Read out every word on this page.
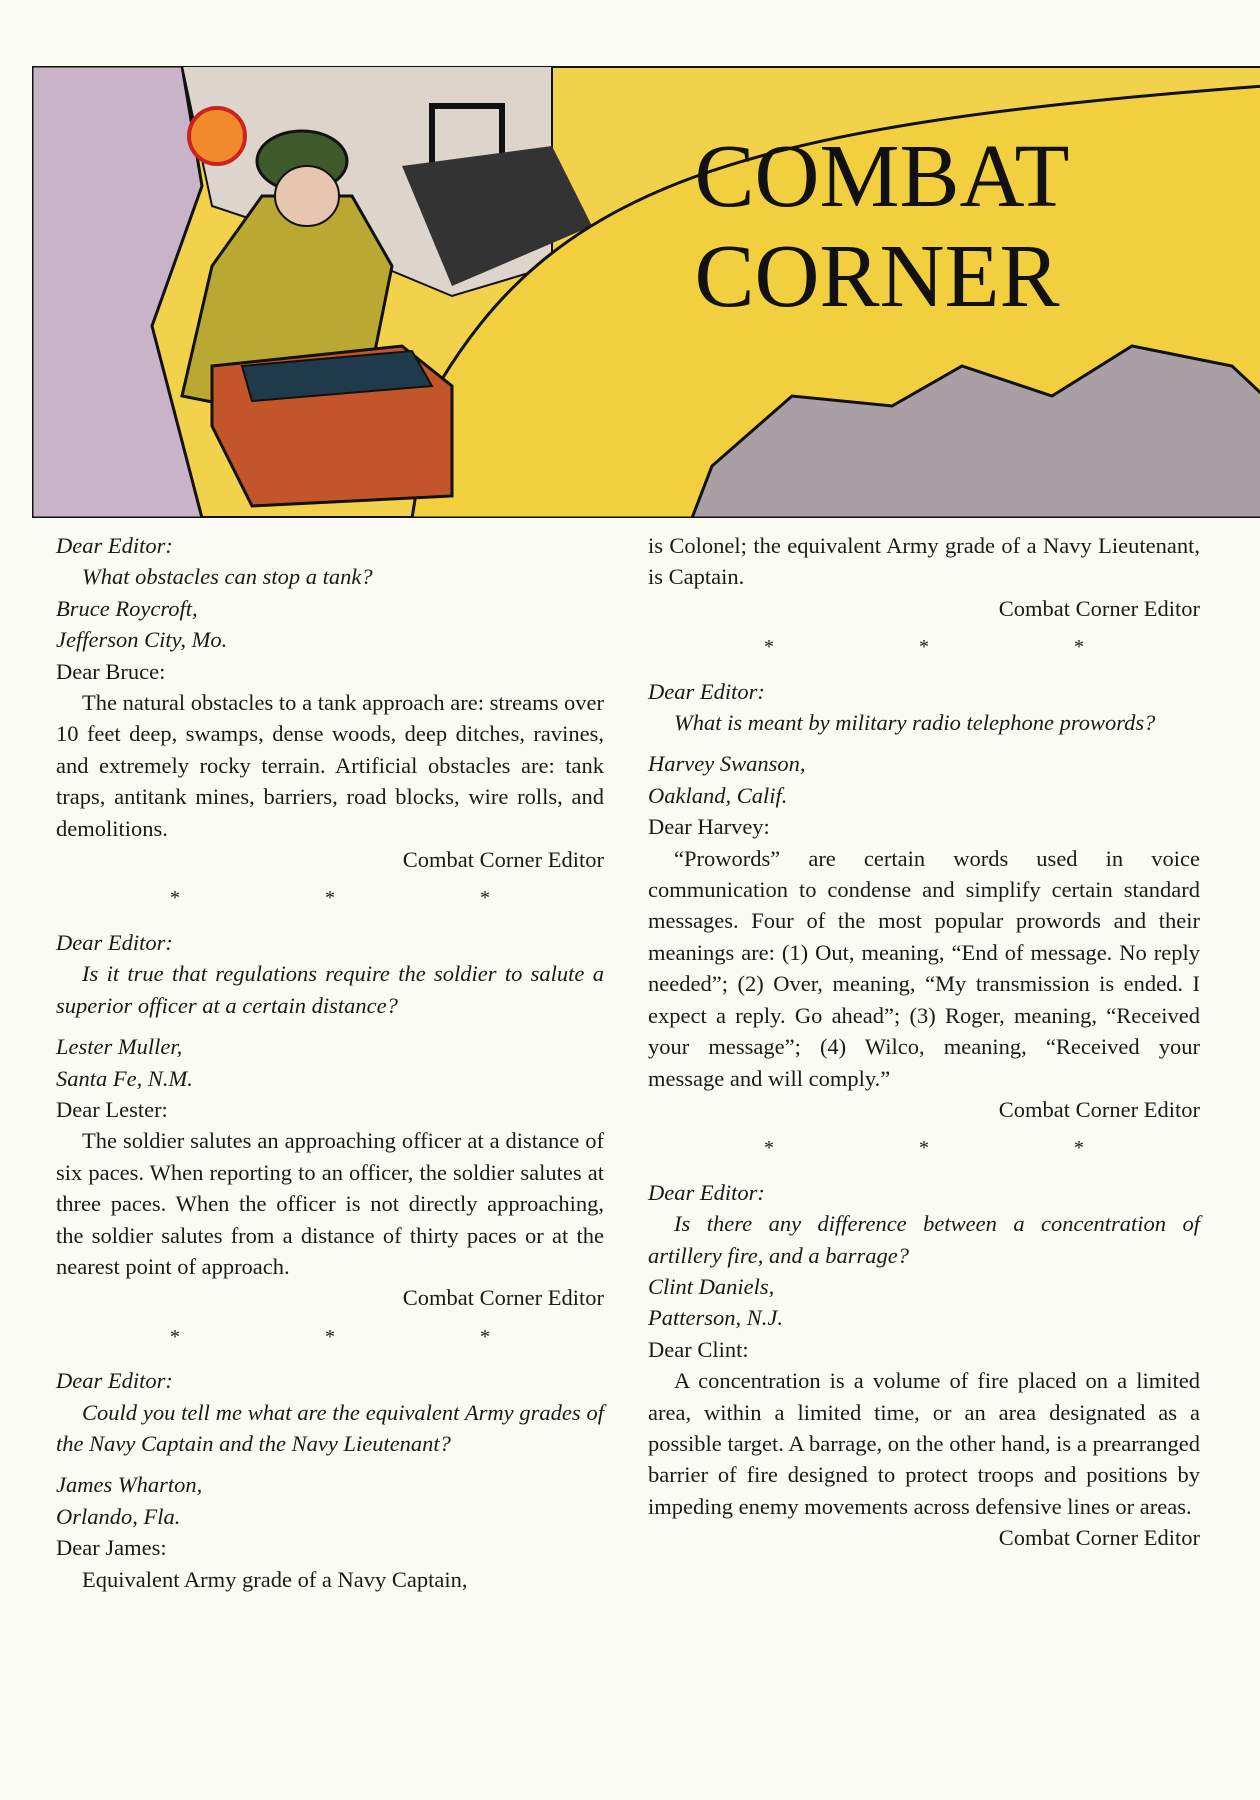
COMBAT
CORNER

Dear Editor:

What obstacles can stop a tank?

Bruce Roycroft,

Jefferson City, Mo.

Dear Bruce:

The natural obstacles to a tank approach are: streams over 10 feet deep, swamps, dense woods, deep ditches, ravines, and extremely rocky terrain. Artificial obstacles are: tank traps, antitank mines, barriers, road blocks, wire rolls, and demolitions.

Combat Corner Editor

* * *

Dear Editor:

Is it true that regulations require the soldier to salute a superior officer at a certain distance?

Lester Muller,

Santa Fe, N.M.

Dear Lester:

The soldier salutes an approaching officer at a distance of six paces. When reporting to an officer, the soldier salutes at three paces. When the officer is not directly approaching, the soldier salutes from a distance of thirty paces or at the nearest point of approach.

Combat Corner Editor

* * *

Dear Editor:

Could you tell me what are the equivalent Army grades of the Navy Captain and the Navy Lieutenant?

James Wharton,

Orlando, Fla.

Dear James:

Equivalent Army grade of a Navy Captain,

is Colonel; the equivalent Army grade of a Navy Lieutenant, is Captain.

Combat Corner Editor

* * *

Dear Editor:

What is meant by military radio telephone prowords?

Harvey Swanson,

Oakland, Calif.

Dear Harvey:

“Prowords” are certain words used in voice communication to condense and simplify certain standard messages. Four of the most popular prowords and their meanings are: (1) Out, meaning, “End of message. No reply needed”; (2) Over, meaning, “My transmission is ended. I expect a reply. Go ahead”; (3) Roger, meaning, “Received your message”; (4) Wilco, meaning, “Received your message and will comply.”

Combat Corner Editor

* * *

Dear Editor:

Is there any difference between a concentration of artillery fire, and a barrage?

Clint Daniels,

Patterson, N.J.

Dear Clint:

A concentration is a volume of fire placed on a limited area, within a limited time, or an area designated as a possible target. A barrage, on the other hand, is a prearranged barrier of fire designed to protect troops and positions by impeding enemy movements across defensive lines or areas.

Combat Corner Editor
